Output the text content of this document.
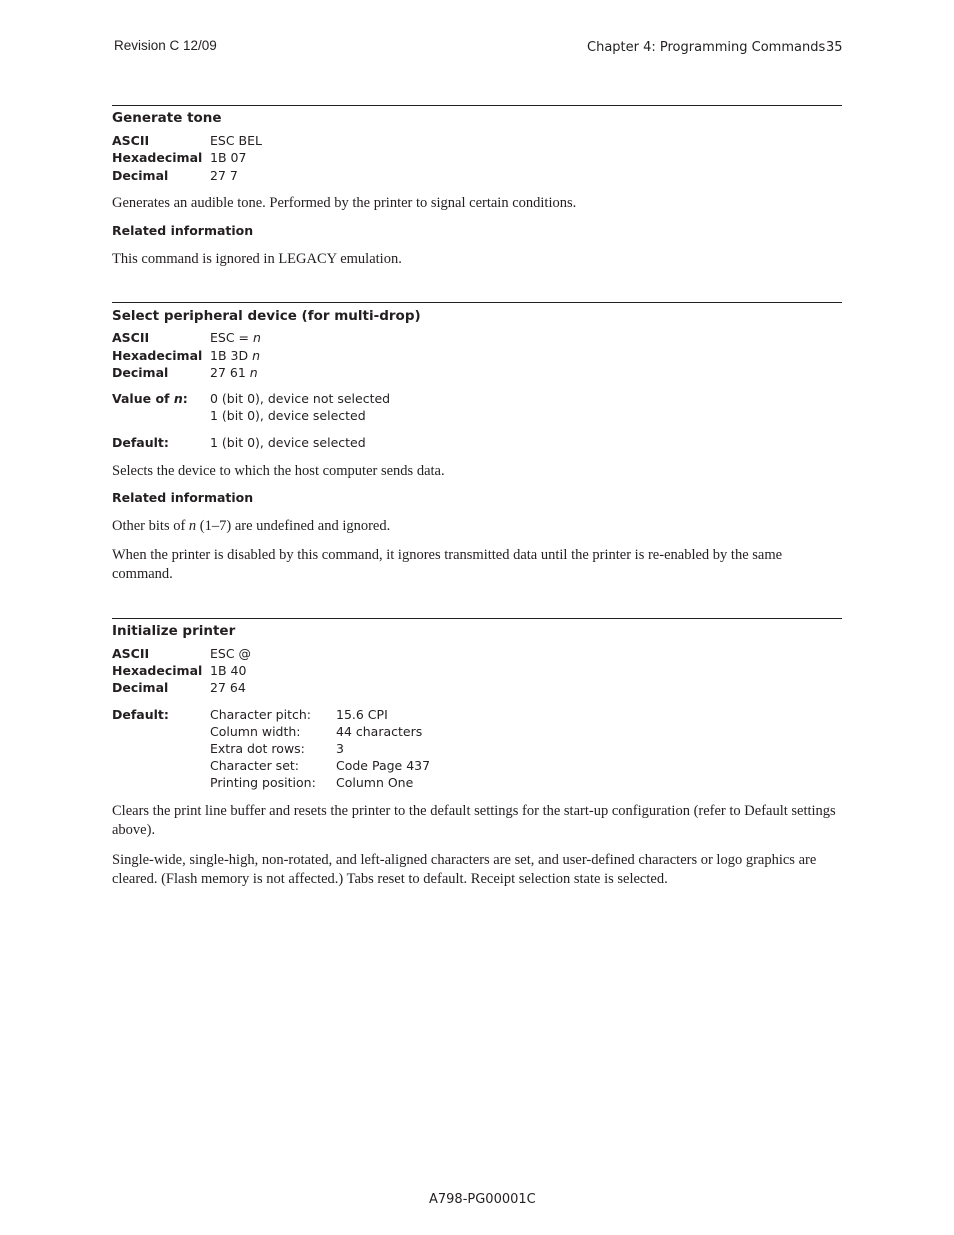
Revision C 12/09	Chapter 4: Programming Commands 35
Generate tone
ASCII	ESC BEL
Hexadecimal 1B 07
Decimal	27 7
Generates an audible tone. Performed by the printer to signal certain conditions.
Related information
This command is ignored in LEGACY emulation.
Select peripheral device (for multi-drop)
ASCII	ESC = n
Hexadecimal 1B 3D n
Decimal	27 61 n
Value of n: 0 (bit 0), device not selected
1 (bit 0), device selected
Default:	1 (bit 0), device selected
Selects the device to which the host computer sends data.
Related information
Other bits of n (1–7) are undefined and ignored.
When the printer is disabled by this command, it ignores transmitted data until the printer is re-enabled by the same command.
Initialize printer
ASCII	ESC @
Hexadecimal 1B 40
Decimal	27 64
Default:	Character pitch: 15.6 CPI
Column width:	44 characters
Extra dot rows: 3
Character set:	Code Page 437
Printing position: Column One
Clears the print line buffer and resets the printer to the default settings for the start-up configuration (refer to Default settings above).
Single-wide, single-high, non-rotated, and left-aligned characters are set, and user-defined characters or logo graphics are cleared. (Flash memory is not affected.) Tabs reset to default. Receipt selection state is selected.
A798-PG00001C
